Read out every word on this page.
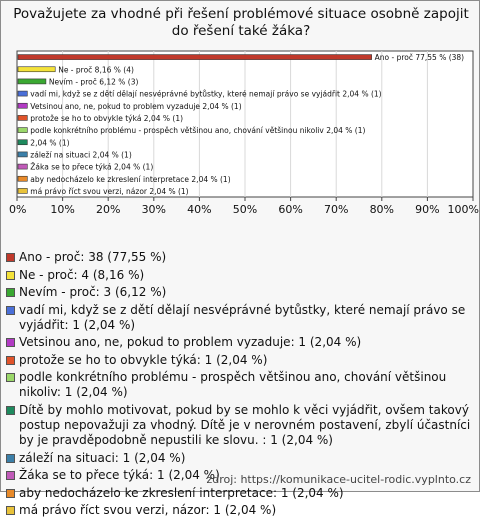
Považujete za vhodné při řešení problémové situace osobně zapojit do řešení také žáka?
0% 10% 20% 30% 40% 50% 60% 70% 80% 90% 100%
Ano - proč 77,55 % (38)
Ne - proč 8,16 % (4)
Nevím - proč 6,12 % (3)
vadí mi, když se z dětí dělají nesvéprávné bytůstky, které nemají právo se vyjádřit 2,04 % (1)
Vetsinou ano, ne, pokud to problem vyzaduje 2,04 % (1)
protože se ho to obvykle týká 2,04 % (1)
podle konkrétního problému - prospěch většinou ano, chování většinou nikoliv 2,04 % (1)
2,04 % (1)
záleží na situaci 2,04 % (1)
Žáka se to přece týká 2,04 % (1)
aby nedocházelo ke zkreslení interpretace 2,04 % (1)
má právo říct svou verzi, názor 2,04 % (1)
Ano - proč: 38 (77,55 %)
Ne - proč: 4 (8,16 %)
Nevím - proč: 3 (6,12 %)
vadí mi, když se z dětí dělají nesvéprávné bytůstky, které nemají právo se vyjádřit: 1 (2,04 %)
Vetsinou ano, ne, pokud to problem vyzaduje: 1 (2,04 %)
protože se ho to obvykle týká: 1 (2,04 %)
podle konkrétního problému - prospěch většinou ano, chování většinou nikoliv: 1 (2,04 %)
Dítě by mohlo motivovat, pokud by se mohlo k věci vyjádřit, ovšem takový postup nepovažuji za vhodný. Dítě je v nerovném postavení, zbylí účastníci by je pravděpodobně nepustili ke slovu. : 1 (2,04 %)
záleží na situaci: 1 (2,04 %)
Žáka se to přece týká: 1 (2,04 %)
aby nedocházelo ke zkreslení interpretace: 1 (2,04 %)
má právo říct svou verzi, názor: 1 (2,04 %)
zdroj: https://komunikace-ucitel-rodic.vyplnto.cz
